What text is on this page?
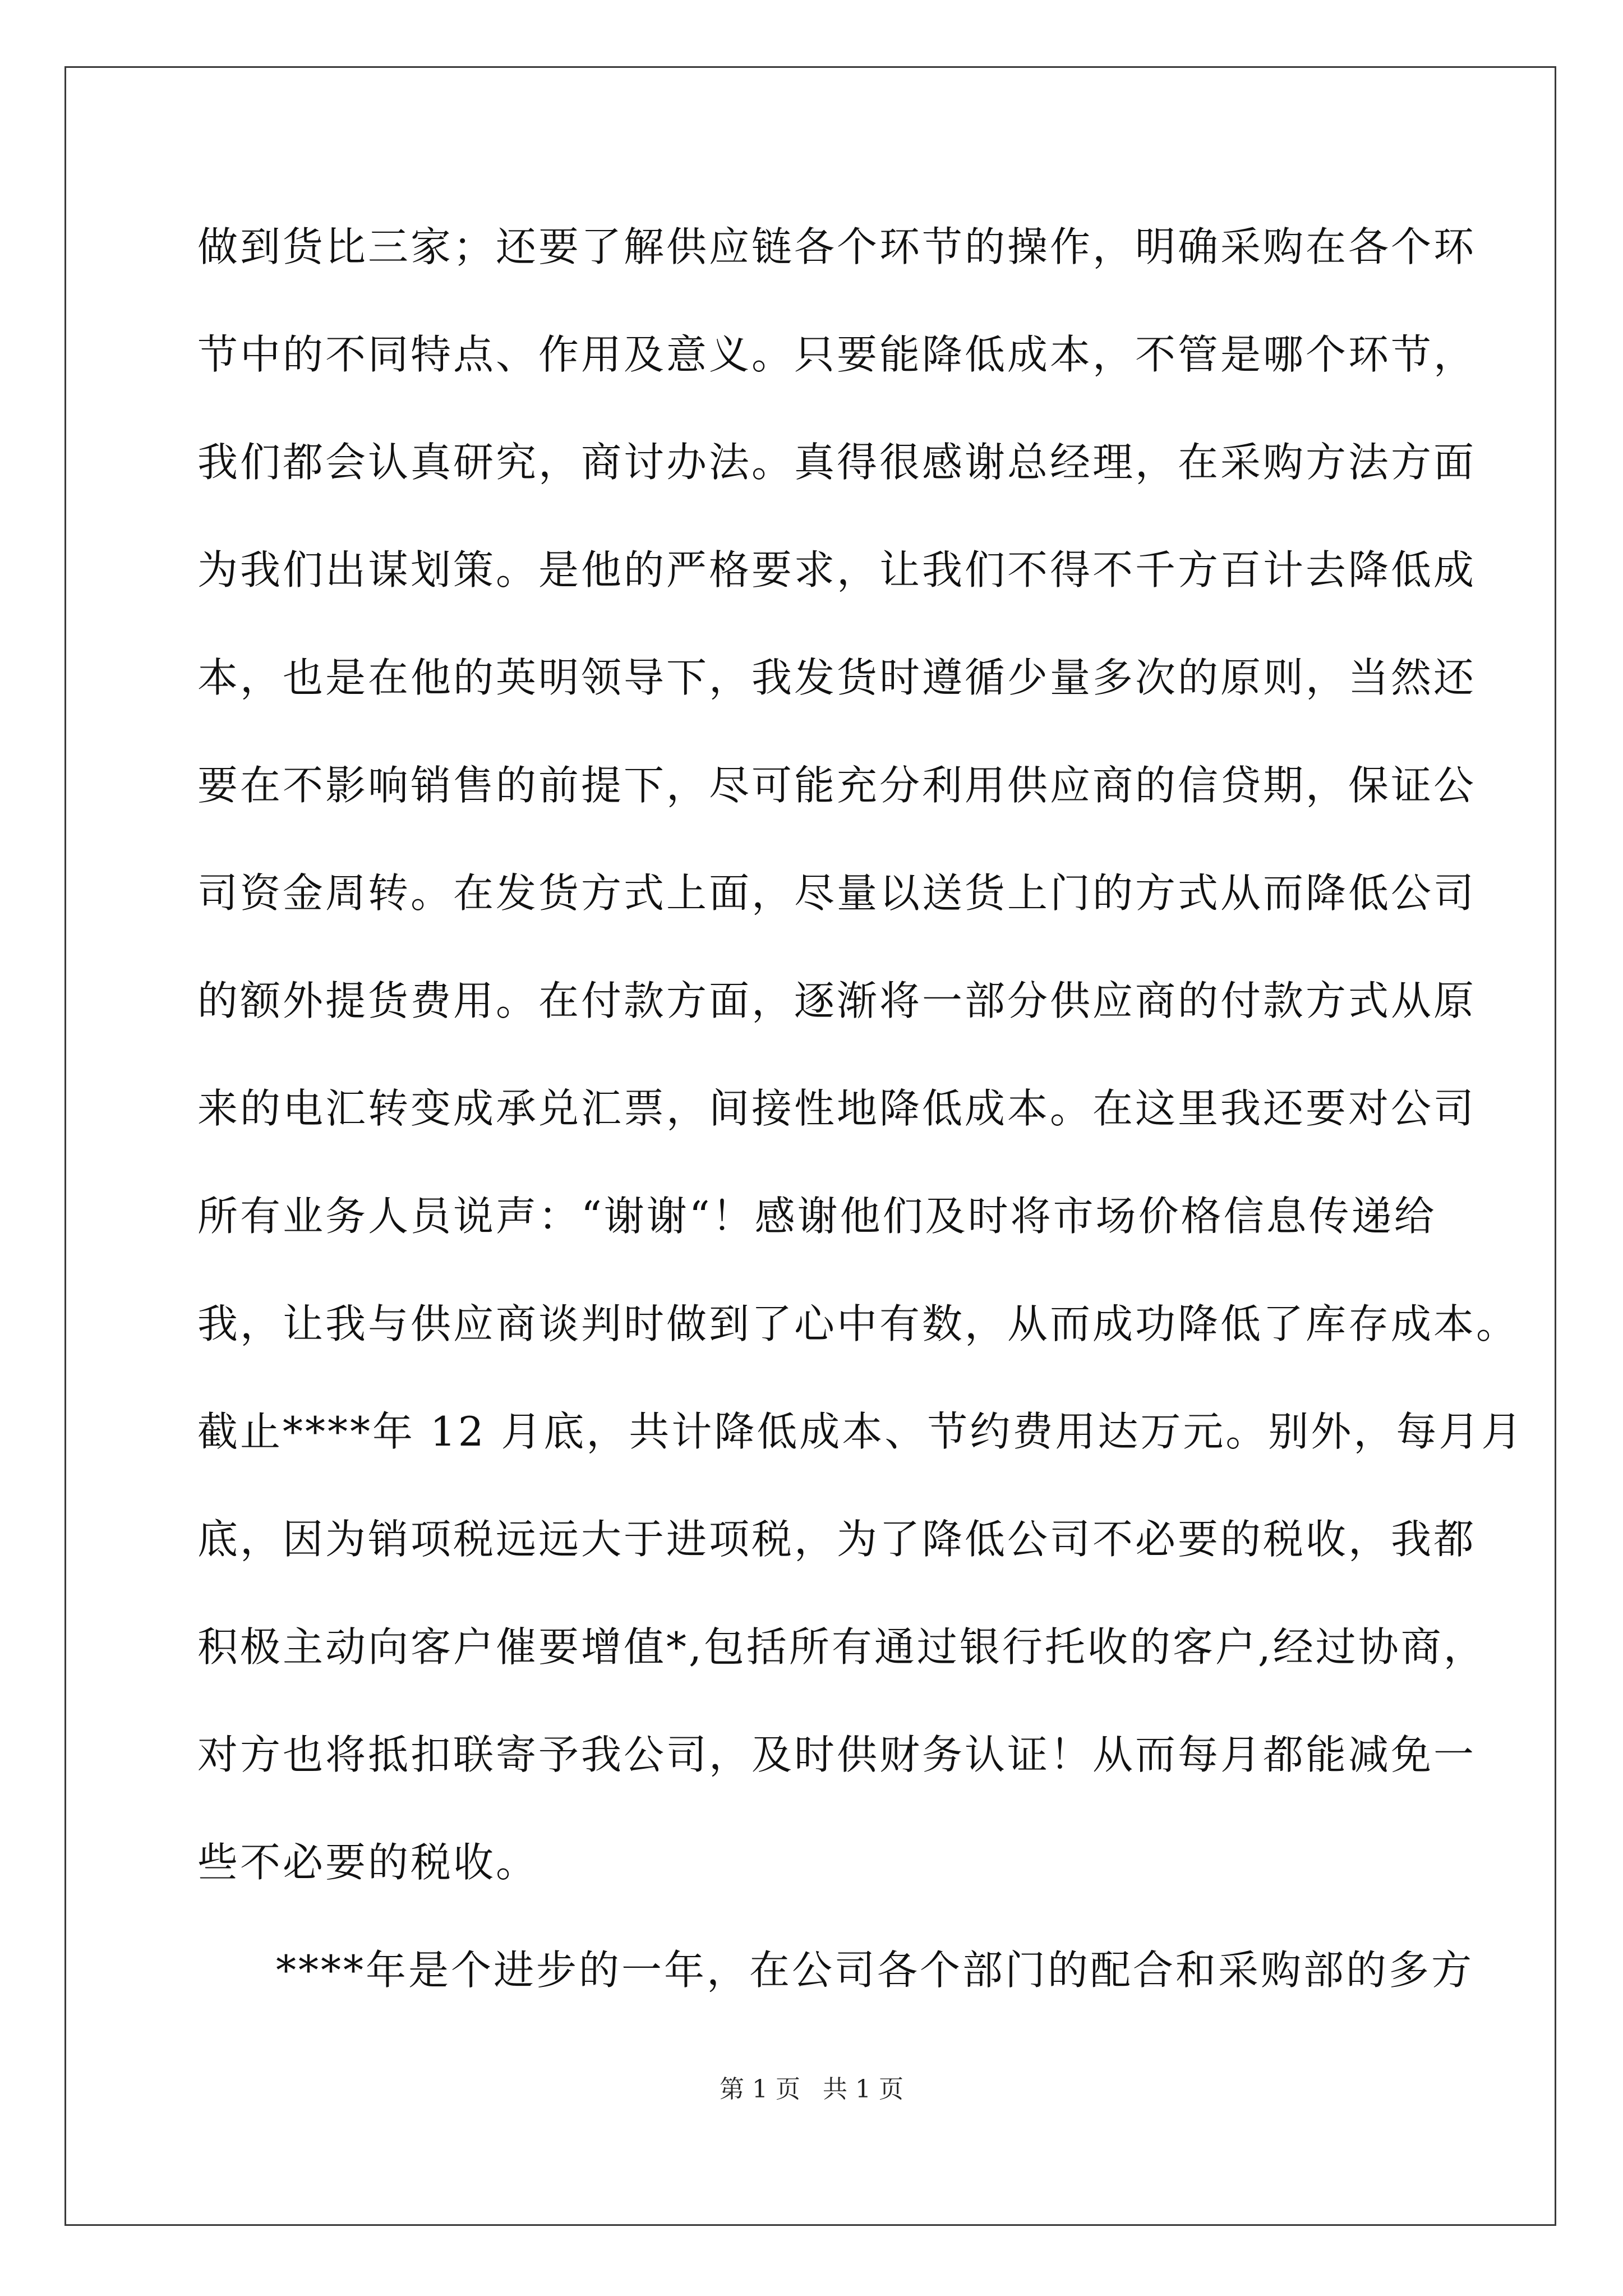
做到货比三家；还要了解供应链各个环节的操作，明确采购在各个环
节中的不同特点、作用及意义。只要能降低成本，不管是哪个环节，
我们都会认真研究，商讨办法。真得很感谢总经理，在采购方法方面
为我们出谋划策。是他的严格要求，让我们不得不千方百计去降低成
本，也是在他的英明领导下，我发货时遵循少量多次的原则，当然还
要在不影响销售的前提下，尽可能充分利用供应商的信贷期，保证公
司资金周转。在发货方式上面，尽量以送货上门的方式从而降低公司
的额外提货费用。在付款方面，逐渐将一部分供应商的付款方式从原
来的电汇转变成承兑汇票，间接性地降低成本。在这里我还要对公司
所有业务人员说声：“谢谢“！感谢他们及时将市场价格信息传递给
我，让我与供应商谈判时做到了心中有数，从而成功降低了库存成本。
截止****年 12 月底，共计降低成本、节约费用达万元。别外，每月月
底，因为销项税远远大于进项税，为了降低公司不必要的税收，我都
积极主动向客户催要增值*,包括所有通过银行托收的客户,经过协商，
对方也将抵扣联寄予我公司，及时供财务认证！从而每月都能减免一
些不必要的税收。
****年是个进步的一年，在公司各个部门的配合和采购部的多方
第 1 页 共 1 页
